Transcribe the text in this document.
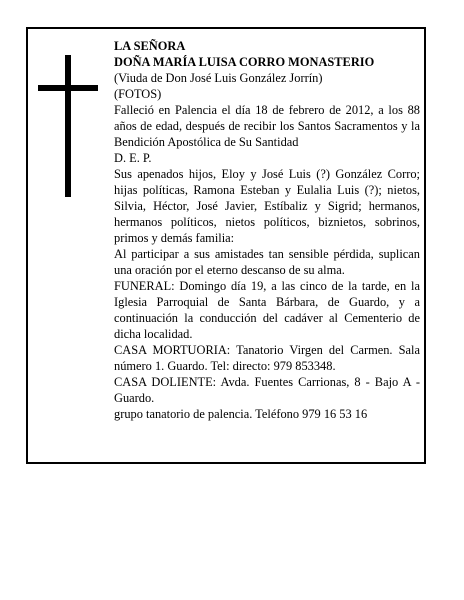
LA SEÑORA

DOÑA MARÍA LUISA CORRO MONASTERIO

(Viuda de Don José Luis González Jorrín)

(FOTOS)

Falleció en Palencia el día 18 de febrero de 2012, a los 88 años de edad, después de recibir los Santos Sacramentos y la Bendición Apostólica de Su Santidad

D. E. P.

Sus apenados hijos, Eloy y José Luis (?) González Corro; hijas políticas, Ramona Esteban y Eulalia Luis (?); nietos, Silvia, Héctor, José Javier, Estíbaliz y Sigrid; hermanos, hermanos políticos, nietos políticos, biznietos, sobrinos, primos y demás familia:

Al participar a sus amistades tan sensible pérdida, suplican una oración por el eterno descanso de su alma.

FUNERAL: Domingo día 19, a las cinco de la tarde, en la Iglesia Parroquial de Santa Bárbara, de Guardo, y a continuación la conducción del cadáver al Cementerio de dicha localidad.

CASA MORTUORIA: Tanatorio Virgen del Carmen. Sala número 1. Guardo. Tel: directo: 979 853348.

CASA DOLIENTE: Avda. Fuentes Carrionas, 8 - Bajo A - Guardo.

grupo tanatorio de palencia. Teléfono 979 16 53 16
